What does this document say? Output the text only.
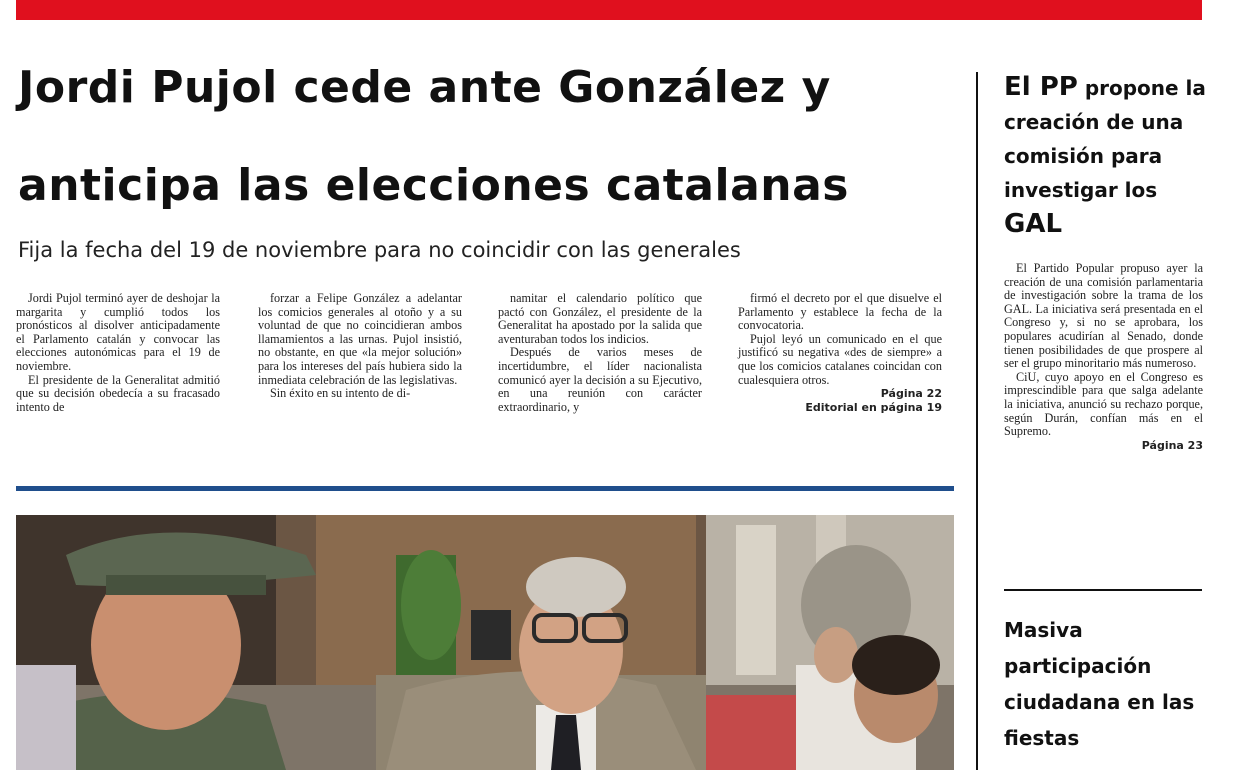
Jordi Pujol cede ante González y
anticipa las elecciones catalanas
Fija la fecha del 19 de noviembre para no coincidir con las generales

Jordi Pujol terminó ayer de deshojar la margarita y cumplió todos los pronósticos al disolver anticipadamente el Parlamento catalán y convocar las elecciones autonómicas para el 19 de noviembre.

El presidente de la Generalitat admitió que su decisión obedecía a su fracasado intento de

forzar a Felipe González a adelantar los comicios generales al otoño y a su voluntad de que no coincidieran ambos llamamientos a las urnas. Pujol insistió, no obstante, en que «la mejor solución» para los intereses del país hubiera sido la inmediata celebración de las legislativas.

Sin éxito en su intento de di-

namitar el calendario político que pactó con González, el presidente de la Generalitat ha apostado por la salida que aventuraban todos los indicios.

Después de varios meses de incertidumbre, el líder nacionalista comunicó ayer la decisión a su Ejecutivo, en una reunión con carácter extraordinario, y

firmó el decreto por el que disuelve el Parlamento y establece la fecha de la convocatoria.

Pujol leyó un comunicado en el que justificó su negativa «des de siempre» a que los comicios catalanes coincidan con cualesquiera otros.

Página 22

Editorial en página 19

El PP propone la creación de una comisión para investigar los GAL

El Partido Popular propuso ayer la creación de una comisión parlamentaria de investigación sobre la trama de los GAL. La iniciativa será presentada en el Congreso y, si no se aprobara, los populares acudirían al Senado, donde tienen posibilidades de que prospere al ser el grupo minoritario más numeroso.

CiU, cuyo apoyo en el Congreso es imprescindible para que salga adelante la iniciativa, anunció su rechazo porque, según Durán, confían más en el Supremo.

Página 23

Masiva participación ciudadana en las fiestas
